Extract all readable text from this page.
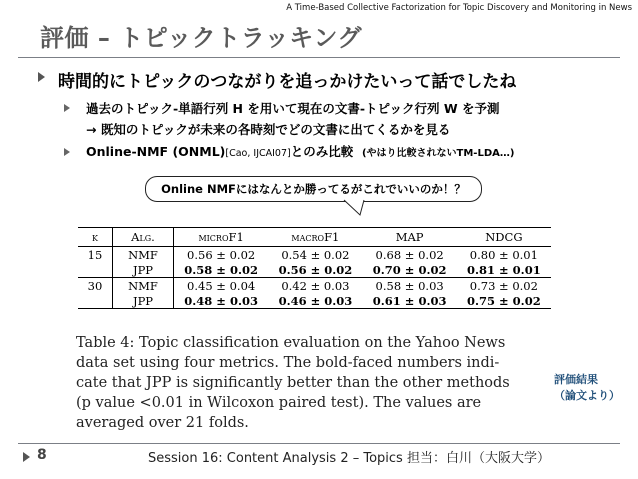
A Time-Based Collective Factorization for Topic Discovery and Monitoring in News
評価 – トピックトラッキング
時間的にトピックのつながりを追っかけたいって話でしたね
過去のトピック-単語行列 H を用いて現在の文書-トピック行列 W を予測
→ 既知のトピックが未来の各時刻でどの文書に出てくるかを見る
Online-NMF (ONML)[Cao, IJCAI07]とのみ比較 (やはり比較されないTM-LDA…)
Online NMFにはなんとか勝ってるがこれでいいのか！？
k	Alg.	microF1	macroF1	MAP	NDCG
15	NMF	0.56 ± 0.02	0.54 ± 0.02	0.68 ± 0.02	0.80 ± 0.01
	JPP	0.58 ± 0.02	0.56 ± 0.02	0.70 ± 0.02	0.81 ± 0.01
30	NMF	0.45 ± 0.04	0.42 ± 0.03	0.58 ± 0.03	0.73 ± 0.02
	JPP	0.48 ± 0.03	0.46 ± 0.03	0.61 ± 0.03	0.75 ± 0.02
Table 4: Topic classification evaluation on the Yahoo News
data set using four metrics. The bold-faced numbers indi-
cate that JPP is significantly better than the other methods
(p value <0.01 in Wilcoxon paired test). The values are
averaged over 21 folds.
評価結果
（論文より）
8	Session 16: Content Analysis 2 – Topics 担当：白川（大阪大学）
